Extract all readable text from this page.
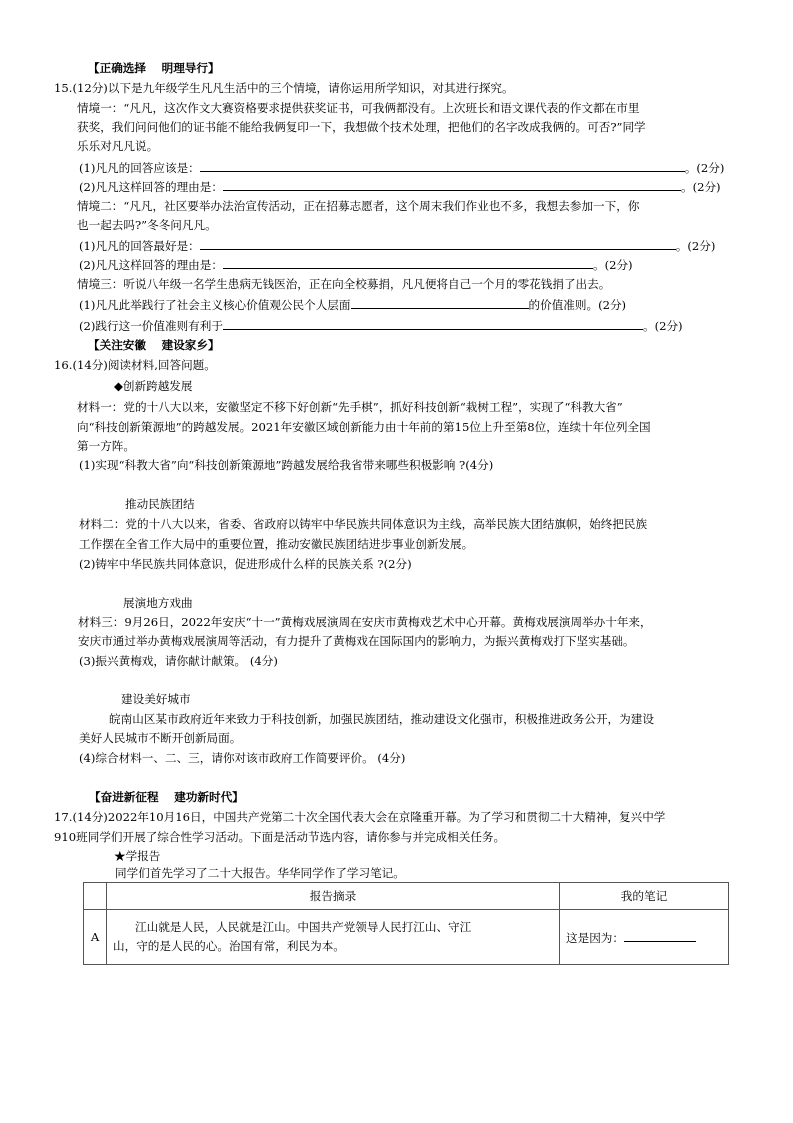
【正确选择　 明理导行】
15.(12分)以下是九年级学生凡凡生活中的三个情境，请你运用所学知识，对其进行探究。
情境一：“凡凡，这次作文大赛资格要求提供获奖证书，可我俩都没有。上次班长和语文课代表的作文都在市里
获奖，我们问问他们的证书能不能给我俩复印一下，我想做个技术处理，把他们的名字改成我俩的。可否?”同学
乐乐对凡凡说。
(1)凡凡的回答应该是：	。(2分)
(2)凡凡这样回答的理由是：	。(2分)
情境二：“凡凡，社区要举办法治宣传活动，正在招募志愿者，这个周末我们作业也不多，我想去参加一下，你
也一起去吗?”冬冬问凡凡。
(1)凡凡的回答最好是：	。(2分)
(2)凡凡这样回答的理由是：	。(2分)
情境三：听说八年级一名学生患病无钱医治，正在向全校募捐，凡凡便将自己一个月的零花钱捐了出去。
(1)凡凡此举践行了社会主义核心价值观公民个人层面	的价值准则。(2分)
(2)践行这一价值准则有利于	。(2分)
【关注安徽　 建设家乡】
16.(14分)阅读材料,回答问题。
◆创新跨越发展
材料一：党的十八大以来，安徽坚定不移下好创新“先手棋”，抓好科技创新“栽树工程”，实现了“科教大省”
向“科技创新策源地”的跨越发展。2021年安徽区域创新能力由十年前的第15位上升至第8位，连续十年位列全国
第一方阵。
(1)实现“科教大省”向“科技创新策源地”跨越发展给我省带来哪些积极影响 ?(4分)
推动民族团结
材料二：党的十八大以来，省委、省政府以铸牢中华民族共同体意识为主线，高举民族大团结旗帜，始终把民族
工作摆在全省工作大局中的重要位置，推动安徽民族团结进步事业创新发展。
(2)铸牢中华民族共同体意识，促进形成什么样的民族关系 ?(2分)
展演地方戏曲
材料三：9月26日，2022年安庆“十一”黄梅戏展演周在安庆市黄梅戏艺术中心开幕。黄梅戏展演周举办十年来，
安庆市通过举办黄梅戏展演周等活动，有力提升了黄梅戏在国际国内的影响力，为振兴黄梅戏打下坚实基础。
(3)振兴黄梅戏，请你献计献策。 (4分)
建设美好城市
皖南山区某市政府近年来致力于科技创新，加强民族团结，推动建设文化强市，积极推进政务公开，为建设
美好人民城市不断开创新局面。
(4)综合材料一、二、三，请你对该市政府工作简要评价。 (4分)
【奋进新征程　 建功新时代】
17.(14分)2022年10月16日，中国共产党第二十次全国代表大会在京隆重开幕。为了学习和贯彻二十大精神，复兴中学
910班同学们开展了综合性学习活动。下面是活动节选内容，请你参与并完成相关任务。
★学报告
同学们首先学习了二十大报告。华华同学作了学习笔记。
	报告摘录	我的笔记
A	江山就是人民，人民就是江山。中国共产党领导人民打江山、守江
山，守的是人民的心。治国有常，利民为本。	这是因为：
